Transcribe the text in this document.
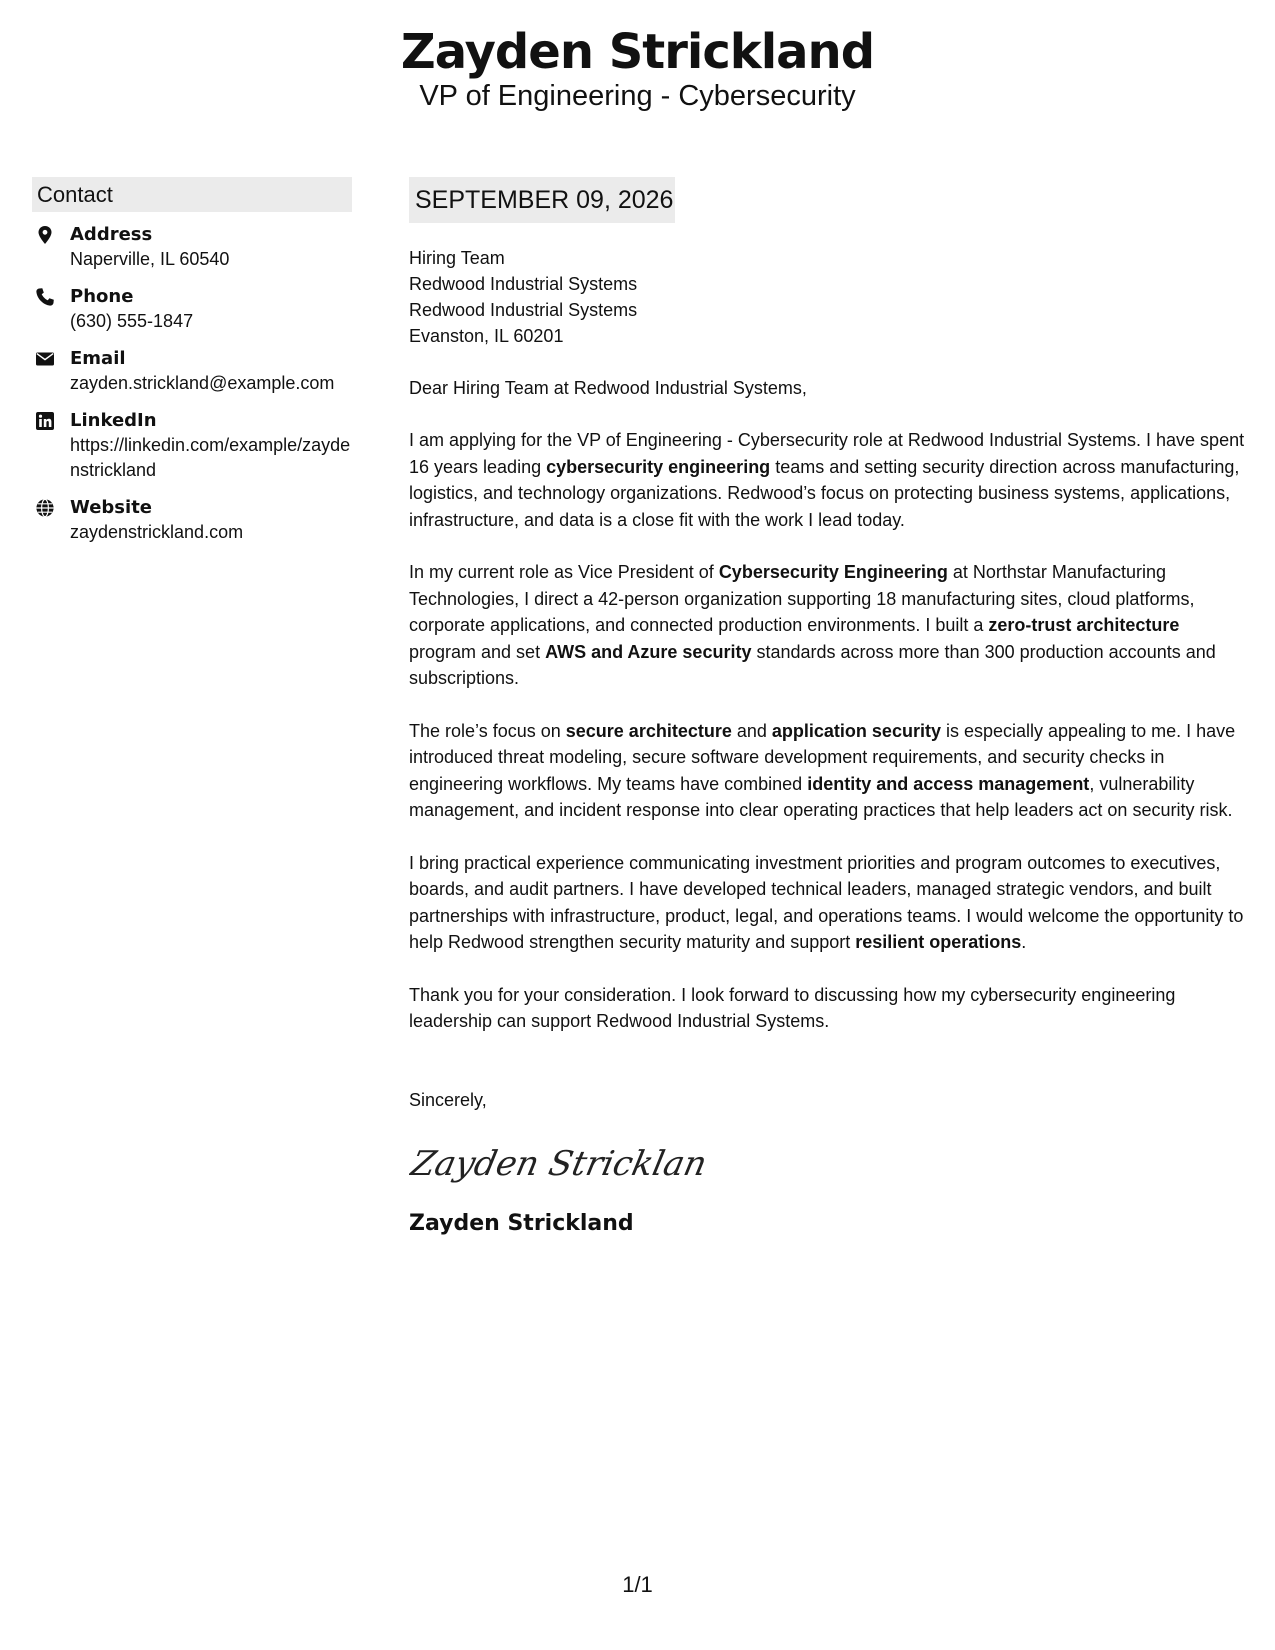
Zayden Strickland
VP of Engineering - Cybersecurity
Contact
Address
Naperville, IL 60540
Phone
(630) 555-1847
Email
zayden.strickland@example.com
LinkedIn
https://linkedin.com/example/zaydenstrickland
Website
zaydenstrickland.com
SEPTEMBER 09, 2026
Hiring Team
Redwood Industrial Systems
Redwood Industrial Systems
Evanston, IL 60201
Dear Hiring Team at Redwood Industrial Systems,
I am applying for the VP of Engineering - Cybersecurity role at Redwood Industrial Systems. I have spent 16 years leading cybersecurity engineering teams and setting security direction across manufacturing, logistics, and technology organizations. Redwood’s focus on protecting business systems, applications, infrastructure, and data is a close fit with the work I lead today.
In my current role as Vice President of Cybersecurity Engineering at Northstar Manufacturing Technologies, I direct a 42-person organization supporting 18 manufacturing sites, cloud platforms, corporate applications, and connected production environments. I built a zero-trust architecture program and set AWS and Azure security standards across more than 300 production accounts and subscriptions.
The role’s focus on secure architecture and application security is especially appealing to me. I have introduced threat modeling, secure software development requirements, and security checks in engineering workflows. My teams have combined identity and access management, vulnerability management, and incident response into clear operating practices that help leaders act on security risk.
I bring practical experience communicating investment priorities and program outcomes to executives, boards, and audit partners. I have developed technical leaders, managed strategic vendors, and built partnerships with infrastructure, product, legal, and operations teams. I would welcome the opportunity to help Redwood strengthen security maturity and support resilient operations.
Thank you for your consideration. I look forward to discussing how my cybersecurity engineering leadership can support Redwood Industrial Systems.
Sincerely,
Zayden Stricklan
Zayden Strickland
1/1
